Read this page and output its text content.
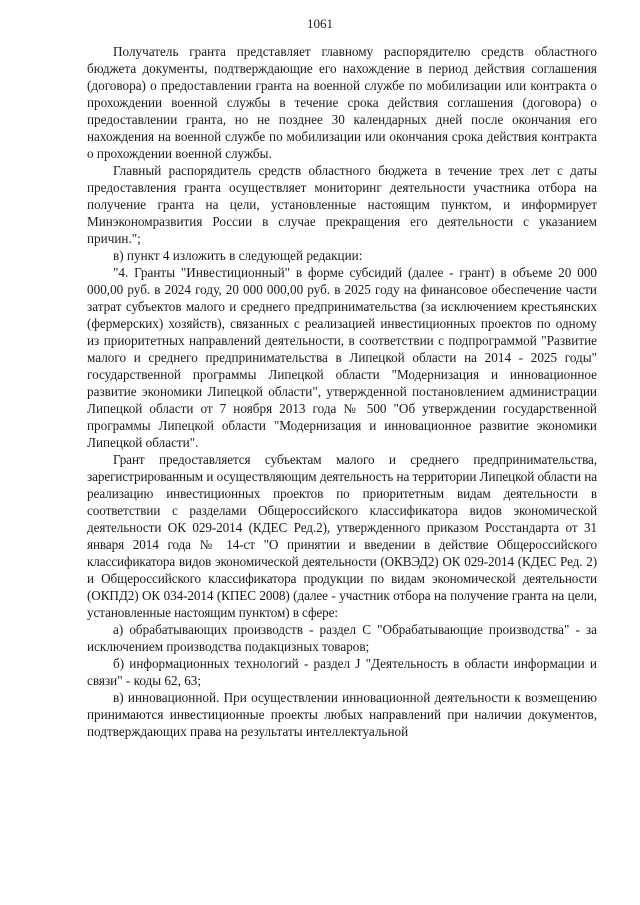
1061

Получатель гранта представляет главному распорядителю средств областного бюджета документы, подтверждающие его нахождение в период действия соглашения (договора) о предоставлении гранта на военной службе по мобилизации или контракта о прохождении военной службы в течение срока действия соглашения (договора) о предоставлении гранта, но не позднее 30 календарных дней после окончания его нахождения на военной службе по мобилизации или окончания срока действия контракта о прохождении военной службы.

Главный распорядитель средств областного бюджета в течение трех лет с даты предоставления гранта осуществляет мониторинг деятельности участника отбора на получение гранта на цели, установленные настоящим пунктом, и информирует Минэкономразвития России в случае прекращения его деятельности с указанием причин.";

в) пункт 4 изложить в следующей редакции:

"4. Гранты "Инвестиционный" в форме субсидий (далее - грант) в объеме 20 000 000,00 руб. в 2024 году, 20 000 000,00 руб. в 2025 году на финансовое обеспечение части затрат субъектов малого и среднего предпринимательства (за исключением крестьянских (фермерских) хозяйств), связанных с реализацией инвестиционных проектов по одному из приоритетных направлений деятельности, в соответствии с подпрограммой "Развитие малого и среднего предпринимательства в Липецкой области на 2014 - 2025 годы" государственной программы Липецкой области "Модернизация и инновационное развитие экономики Липецкой области", утвержденной постановлением администрации Липецкой области от 7 ноября 2013 года № 500 "Об утверждении государственной программы Липецкой области "Модернизация и инновационное развитие экономики Липецкой области".

Грант предоставляется субъектам малого и среднего предпринимательства, зарегистрированным и осуществляющим деятельность на территории Липецкой области на реализацию инвестиционных проектов по приоритетным видам деятельности в соответствии с разделами Общероссийского классификатора видов экономической деятельности ОК 029-2014 (КДЕС Ред.2), утвержденного приказом Росстандарта от 31 января 2014 года № 14-ст "О принятии и введении в действие Общероссийского классификатора видов экономической деятельности (ОКВЭД2) ОК 029-2014 (КДЕС Ред. 2) и Общероссийского классификатора продукции по видам экономической деятельности (ОКПД2) ОК 034-2014 (КПЕС 2008) (далее - участник отбора на получение гранта на цели, установленные настоящим пунктом) в сфере:

а) обрабатывающих производств - раздел C "Обрабатывающие производства" - за исключением производства подакцизных товаров;

б) информационных технологий - раздел J "Деятельность в области информации и связи" - коды 62, 63;

в) инновационной. При осуществлении инновационной деятельности к возмещению принимаются инвестиционные проекты любых направлений при наличии документов, подтверждающих права на результаты интеллектуальной
